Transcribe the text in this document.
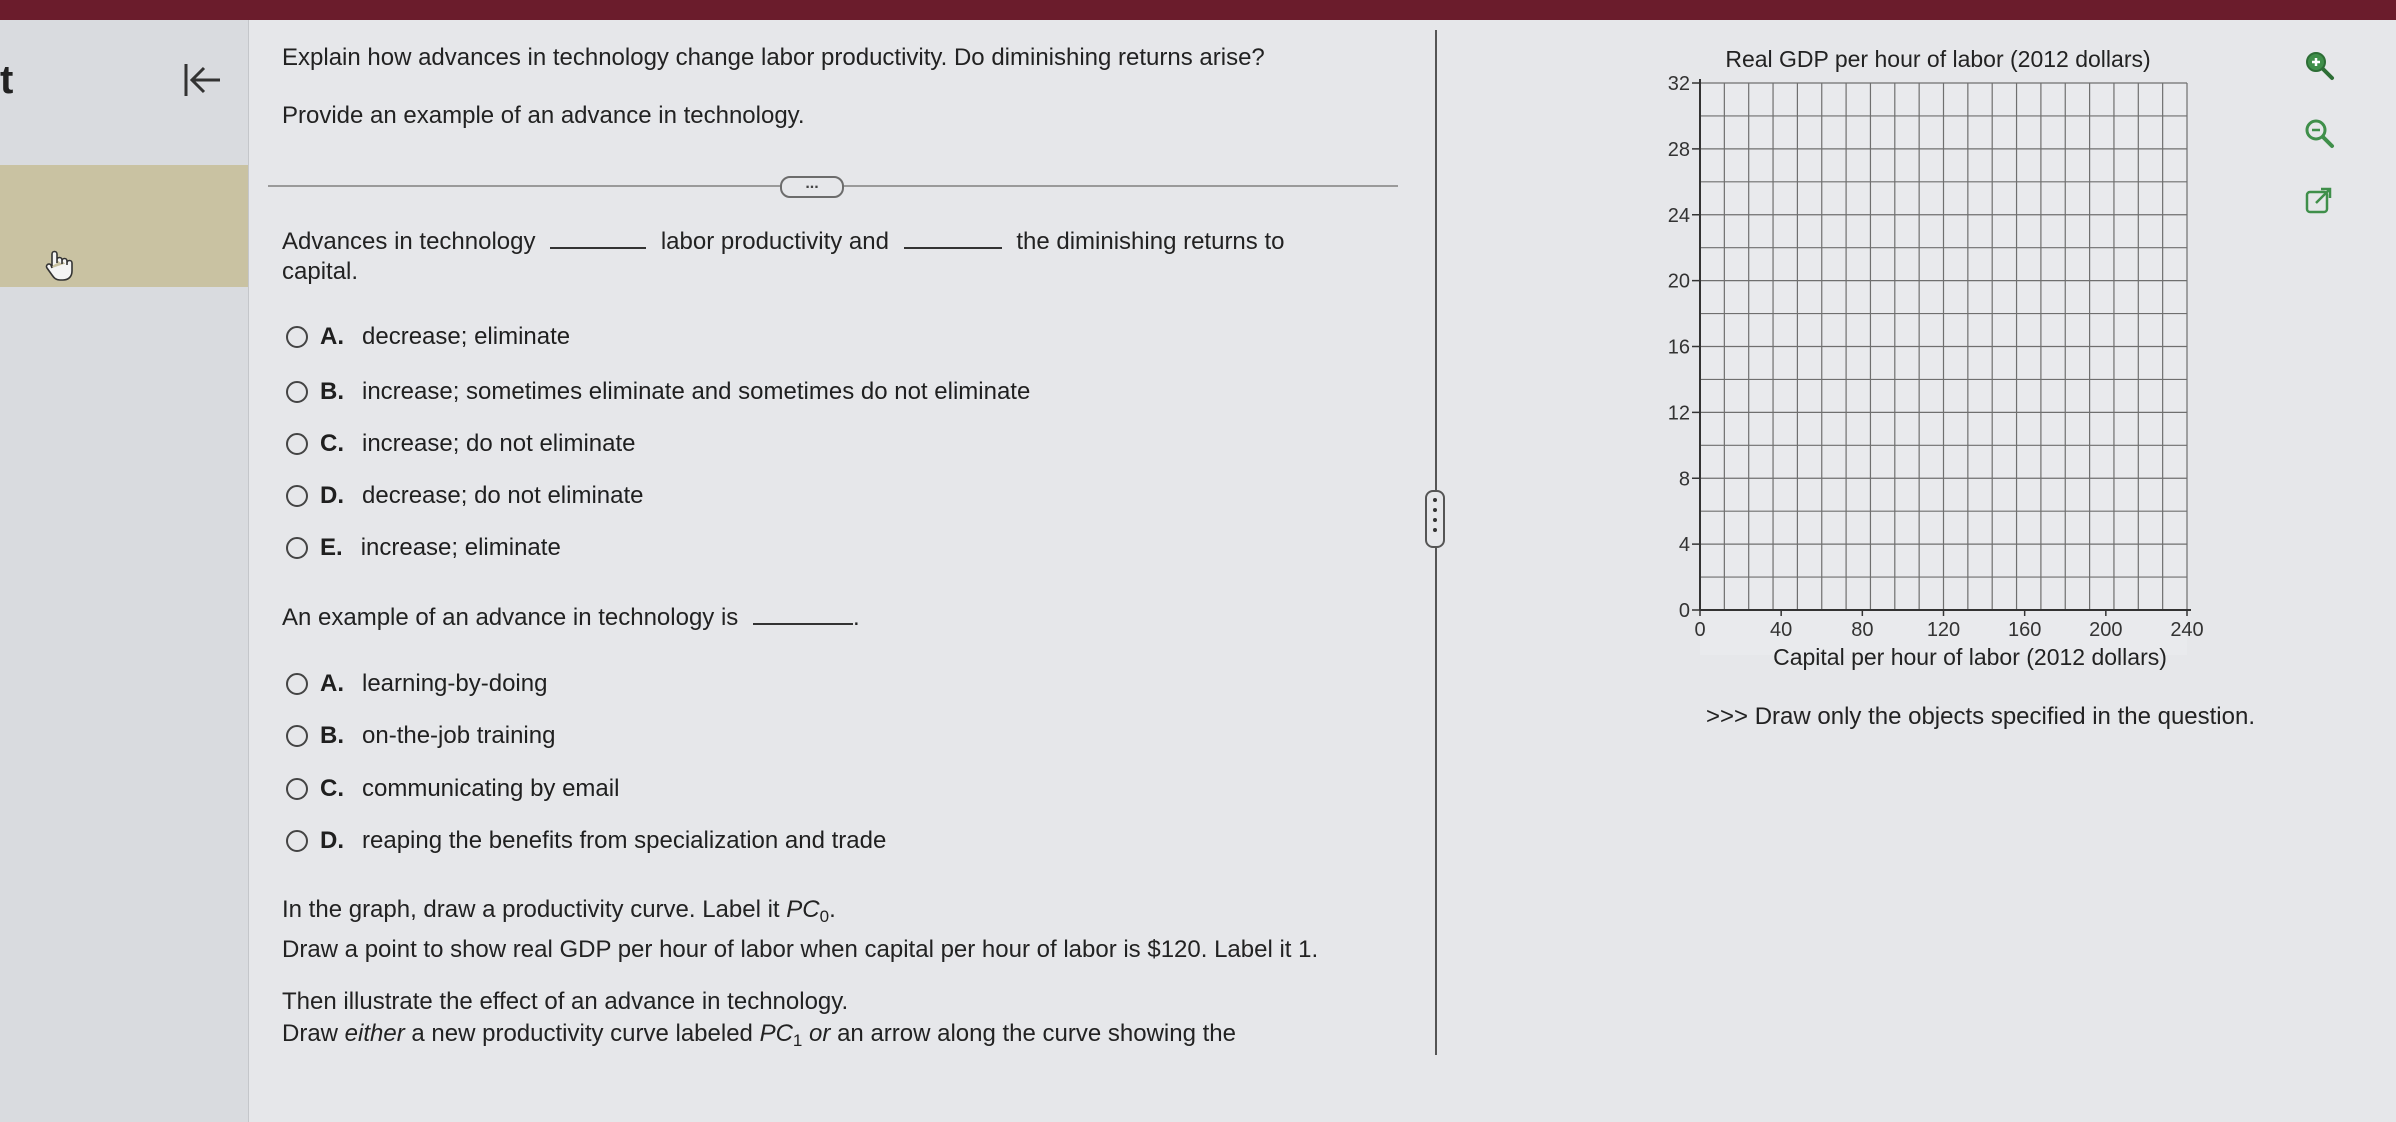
t
Explain how advances in technology change labor productivity. Do diminishing returns arise?
Provide an example of an advance in technology.
...
Advances in technology	labor productivity and	the diminishing returns to
capital.
A. decrease; eliminate
B. increase; sometimes eliminate and sometimes do not eliminate
C. increase; do not eliminate
D. decrease; do not eliminate
E. increase; eliminate
An example of an advance in technology is	.
A. learning-by-doing
B. on-the-job training
C. communicating by email
D. reaping the benefits from specialization and trade
In the graph, draw a productivity curve. Label it $PC_0$.
Draw a point to show real GDP per hour of labor when capital per hour of labor is $120. Label it 1.
Then illustrate the effect of an advance in technology.
Draw either a new productivity curve labeled $PC_1$ or an arrow along the curve showing the
Real GDP per hour of labor (2012 dollars)
0
4
8
12
16
20
24
28
32
0	40	80	120 160 200 240
Capital per hour of labor (2012 dollars)
>>> Draw only the objects specified in the question.
